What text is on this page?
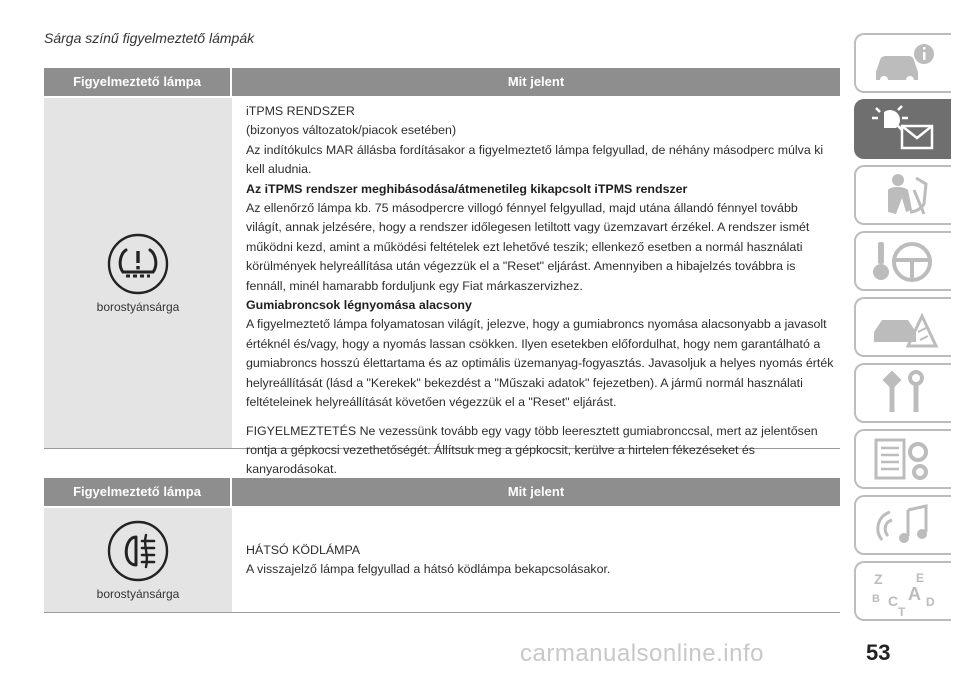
Sárga színű figyelmeztető lámpák
Figyelmeztető lámpa	Mit jelent
borostyánsárga

iTPMS RENDSZER

(bizonyos változatok/piacok esetében)

Az indítókulcs MAR állásba fordításakor a figyelmeztető lámpa felgyullad, de néhány másodperc múlva ki kell aludnia.

Az iTPMS rendszer meghibásodása/átmenetileg kikapcsolt iTPMS rendszer

Az ellenőrző lámpa kb. 75 másodpercre villogó fénnyel felgyullad, majd utána állandó fénnyel tovább világít, annak jelzésére, hogy a rendszer időlegesen letiltott vagy üzemzavart érzékel. A rendszer ismét működni kezd, amint a működési feltételek ezt lehetővé teszik; ellenkező esetben a normál használati körülmények helyreállítása után végezzük el a "Reset" eljárást. Amennyiben a hibajelzés továbbra is fennáll, minél hamarabb forduljunk egy Fiat márkaszervizhez.

Gumiabroncsok légnyomása alacsony

A figyelmeztető lámpa folyamatosan világít, jelezve, hogy a gumiabroncs nyomása alacsonyabb a javasolt értéknél és/vagy, hogy a nyomás lassan csökken. Ilyen esetekben előfordulhat, hogy nem garantálható a gumiabroncs hosszú élettartama és az optimális üzemanyag-fogyasztás. Javasoljuk a helyes nyomás érték helyreállítását (lásd a "Kerekek" bekezdést a "Műszaki adatok" fejezetben). A jármű normál használati feltételeinek helyreállítását követően végezzük el a "Reset" eljárást.

FIGYELMEZTETÉS Ne vezessünk tovább egy vagy több leeresztett gumiabronccsal, mert az jelentősen rontja a gépkocsi vezethetőségét. Állítsuk meg a gépkocsit, kerülve a hirtelen fékezéseket és kanyarodásokat.

Figyelmeztető lámpa	Mit jelent
borostyánsárga

HÁTSÓ KÖDLÁMPA

A visszajelző lámpa felgyullad a hátsó ködlámpa bekapcsolásakor.

Z	E
B C A D
T
carmanualsonline.info	53
